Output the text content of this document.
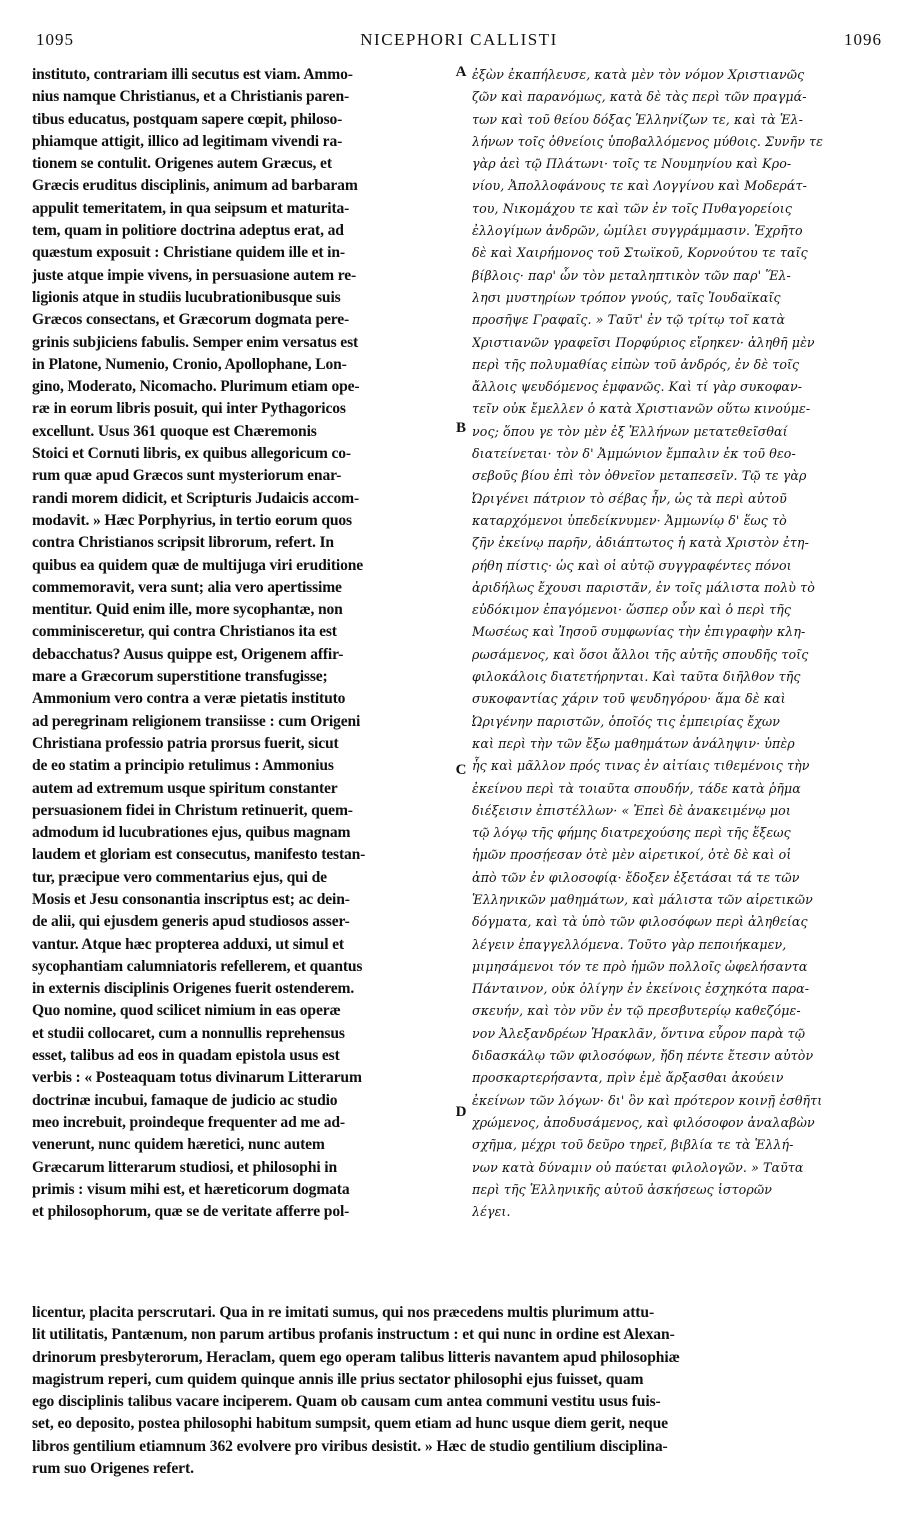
1095	NICEPHORI CALLISTI	1096
instituto, contrariam illi secutus est viam. Ammo-
nius namque Christianus, et a Christianis paren-
tibus educatus, postquam sapere cœpit, philoso-
phiamque attigit, illico ad legitimam vivendi ra-
tionem se contulit. Origenes autem Græcus, et
Græcis eruditus disciplinis, animum ad barbaram
appulit temeritatem, in qua seipsum et maturita-
tem, quam in politiore doctrina adeptus erat, ad
quæstum exposuit : Christiane quidem ille et in-
juste atque impie vivens, in persuasione autem re-
ligionis atque in studiis lucubrationibusque suis
Græcos consectans, et Græcorum dogmata pere-
grinis subjiciens fabulis. Semper enim versatus est
in Platone, Numenio, Cronio, Apollophane, Lon-
gino, Moderato, Nicomacho. Plurimum etiam ope-
ræ in eorum libris posuit, qui inter Pythagoricos
excellunt. Usus 361 quoque est Chæremonis
Stoici et Cornuti libris, ex quibus allegoricum co-
rum quæ apud Græcos sunt mysteriorum enar-
randi morem didicit, et Scripturis Judaicis accom-
modavit. » Hæc Porphyrius, in tertio eorum quos
contra Christianos scripsit librorum, refert. In
quibus ea quidem quæ de multijuga viri eruditione
commemoravit, vera sunt; alia vero apertissime
mentitur. Quid enim ille, more sycophantæ, non
comminisceretur, qui contra Christianos ita est
debacchatus? Ausus quippe est, Origenem affir-
mare a Græcorum superstitione transfugisse;
Ammonium vero contra a veræ pietatis instituto
ad peregrinam religionem transiisse : cum Origeni
Christiana professio patria prorsus fuerit, sicut
de eo statim a principio retulimus : Ammonius
autem ad extremum usque spiritum constanter
persuasionem fidei in Christum retinuerit, quem-
admodum id lucubrationes ejus, quibus magnam
laudem et gloriam est consecutus, manifesto testan-
tur, præcipue vero commentarius ejus, qui de
Mosis et Jesu consonantia inscriptus est; ac dein-
de alii, qui ejusdem generis apud studiosos asser-
vantur. Atque hæc propterea adduxi, ut simul et
sycophantiam calumniatoris refellerem, et quantus
in externis disciplinis Origenes fuerit ostenderem.
Quo nomine, quod scilicet nimium in eas operæ
et studii collocaret, cum a nonnullis reprehensus
esset, talibus ad eos in quadam epistola usus est
verbis : « Posteaquam totus divinarum Litterarum
doctrinæ incubui, famaque de judicio ac studio
meo increbuit, proindeque frequenter ad me ad-
venerunt, nunc quidem hæretici, nunc autem
Græcarum litterarum studiosi, et philosophi in
primis : visum mihi est, et hæreticorum dogmata
et philosophorum, quæ se de veritate afferre pol-
A
B
C
D
ἐξὼν ἐκαπήλευσε, κατὰ μὲν τὸν νόμον Χριστιανῶς
ζῶν καὶ παρανόμως, κατὰ δὲ τὰς περὶ τῶν πραγμά-
των καὶ τοῦ θείου δόξας Ἑλληνίζων τε, καὶ τὰ Ἑλ-
λήνων τοῖς ὀθνείοις ὑποβαλλόμενος μύθοις. Συνῆν τε
γὰρ ἀεὶ τῷ Πλάτωνι· τοῖς τε Νουμηνίου καὶ Κρο-
νίου, Ἀπολλοφάνους τε καὶ Λογγίνου καὶ Μοδεράτ-
του, Νικομάχου τε καὶ τῶν ἐν τοῖς Πυθαγορείοις
ἐλλογίμων ἀνδρῶν, ὡμίλει συγγράμμασιν. Ἐχρῆτο
δὲ καὶ Χαιρήμονος τοῦ Στωϊκοῦ, Κορνούτου τε ταῖς
βίβλοις· παρ' ὧν τὸν μεταληπτικὸν τῶν παρ' Ἕλ-
λησι μυστηρίων τρόπον γνούς, ταῖς Ἰουδαϊκαῖς
προσῆψε Γραφαῖς. » Ταῦτ' ἐν τῷ τρίτῳ τοῖ κατὰ
Χριστιανῶν γραφεῖσι Πορφύριος εἴρηκεν· ἀληθῆ μὲν
περὶ τῆς πολυμαθίας εἰπὼν τοῦ ἀνδρός, ἐν δὲ τοῖς
ἄλλοις ψευδόμενος ἐμφανῶς. Καὶ τί γὰρ συκοφαν-
τεῖν οὐκ ἔμελλεν ὁ κατὰ Χριστιανῶν οὕτω κινούμε-
νος; ὅπου γε τὸν μὲν ἐξ Ἑλλήνων μετατεθεῖσθαί
διατείνεται· τὸν δ' Ἀμμώνιον ἔμπαλιν ἐκ τοῦ θεο-
σεβοῦς βίου ἐπὶ τὸν ὀθνεῖον μεταπεσεῖν. Τῷ τε γὰρ
Ὠριγένει πάτριον τὸ σέβας ἦν, ὡς τὰ περὶ αὐτοῦ
καταρχόμενοι ὑπεδείκνυμεν· Ἀμμωνίῳ δ' ἕως τὸ
ζῆν ἐκείνῳ παρῆν, ἀδιάπτωτος ἡ κατὰ Χριστὸν ἐτη-
ρήθη πίστις· ὡς καὶ οἱ αὐτῷ συγγραφέντες πόνοι
ἀριδήλως ἔχουσι παριστᾶν, ἐν τοῖς μάλιστα πολὺ τὸ
εὐδόκιμον ἐπαγόμενοι· ὥσπερ οὖν καὶ ὁ περὶ τῆς
Μωσέως καὶ Ἰησοῦ συμφωνίας τὴν ἐπιγραφὴν κλη-
ρωσάμενος, καὶ ὅσοι ἄλλοι τῆς αὐτῆς σπουδῆς τοῖς
φιλοκάλοις διατετήρηνται. Καὶ ταῦτα διῆλθον τῆς
συκοφαντίας χάριν τοῦ ψευδηγόρου· ἅμα δὲ καὶ
Ὠριγένην παριστῶν, ὁποῖός τις ἐμπειρίας ἔχων
καὶ περὶ τὴν τῶν ἔξω μαθημάτων ἀνάληψιν· ὑπὲρ
ἧς καὶ μᾶλλον πρός τινας ἐν αἰτίαις τιθεμένοις τὴν
ἐκείνου περὶ τὰ τοιαῦτα σπουδήν, τάδε κατὰ ῥῆμα
διέξεισιν ἐπιστέλλων· « Ἐπεὶ δὲ ἀνακειμένῳ μοι
τῷ λόγῳ τῆς φήμης διατρεχούσης περὶ τῆς ἕξεως
ἡμῶν προσῄεσαν ὁτὲ μὲν αἱρετικοί, ὁτὲ δὲ καὶ οἱ
ἀπὸ τῶν ἐν φιλοσοφίᾳ· ἔδοξεν ἐξετάσαι τά τε τῶν
Ἑλληνικῶν μαθημάτων, καὶ μάλιστα τῶν αἱρετικῶν
δόγματα, καὶ τὰ ὑπὸ τῶν φιλοσόφων περὶ ἀληθείας
λέγειν ἐπαγγελλόμενα. Τοῦτο γὰρ πεποιήκαμεν,
μιμησάμενοι τόν τε πρὸ ἡμῶν πολλοῖς ὠφελήσαντα
Πάνταινον, οὐκ ὀλίγην ἐν ἐκείνοις ἐσχηκότα παρα-
σκευήν, καὶ τὸν νῦν ἐν τῷ πρεσβυτερίῳ καθεζόμε-
νον Ἀλεξανδρέων Ἡρακλᾶν, ὅντινα εὗρον παρὰ τῷ
διδασκάλῳ τῶν φιλοσόφων, ἤδη πέντε ἔτεσιν αὐτὸν
προσκαρτερήσαντα, πρὶν ἐμὲ ἄρξασθαι ἀκούειν
ἐκείνων τῶν λόγων· δι' ὃν καὶ πρότερον κοινῇ ἐσθῆτι
χρώμενος, ἀποδυσάμενος, καὶ φιλόσοφον ἀναλαβὼν
σχῆμα, μέχρι τοῦ δεῦρο τηρεῖ, βιβλία τε τὰ Ἑλλή-
νων κατὰ δύναμιν οὐ παύεται φιλολογῶν. » Ταῦτα
περὶ τῆς Ἑλληνικῆς αὐτοῦ ἀσκήσεως ἱστορῶν
λέγει.
licentur, placita perscrutari. Qua in re imitati sumus, qui nos præcedens multis plurimum attu-
lit utilitatis, Pantænum, non parum artibus profanis instructum : et qui nunc in ordine est Alexan-
drinorum presbyterorum, Heraclam, quem ego operam talibus litteris navantem apud philosophiæ
magistrum reperi, cum quidem quinque annis ille prius sectator philosophi ejus fuisset, quam
ego disciplinis talibus vacare inciperem. Quam ob causam cum antea communi vestitu usus fuis-
set, eo deposito, postea philosophi habitum sumpsit, quem etiam ad hunc usque diem gerit, neque
libros gentilium etiamnum 362 evolvere pro viribus desistit. » Hæc de studio gentilium disciplina-
rum suo Origenes refert.
